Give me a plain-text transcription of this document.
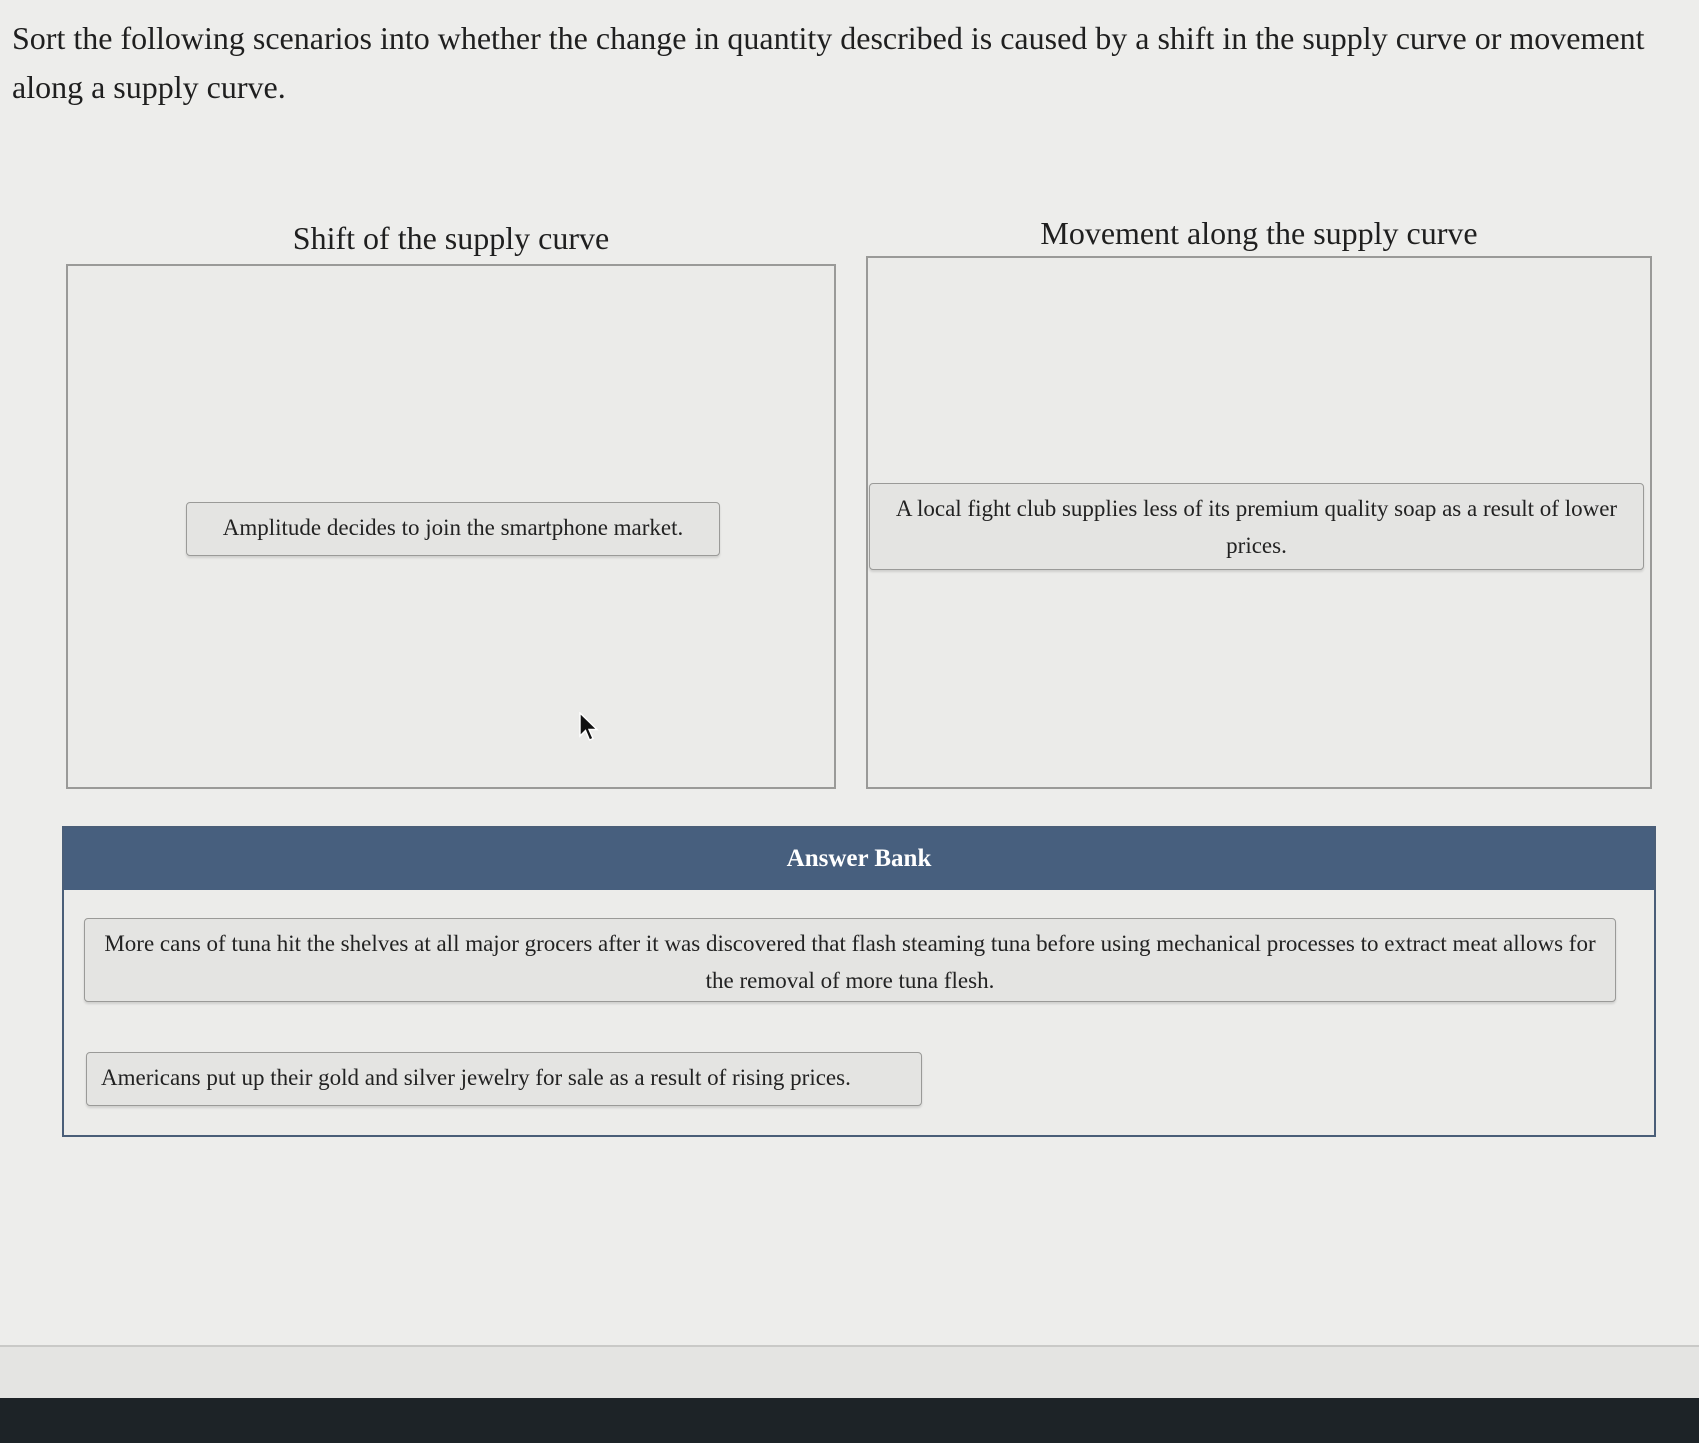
Sort the following scenarios into whether the change in quantity described is caused by a shift in the supply curve or movement along a supply curve.

Shift of the supply curve	Movement along the supply curve
Amplitude decides to join the smartphone market.
A local fight club supplies less of its premium quality soap as a result of lower prices.
Answer Bank
More cans of tuna hit the shelves at all major grocers after it was discovered that flash steaming tuna before using mechanical processes to extract meat allows for the removal of more tuna flesh.
Americans put up their gold and silver jewelry for sale as a result of rising prices.
